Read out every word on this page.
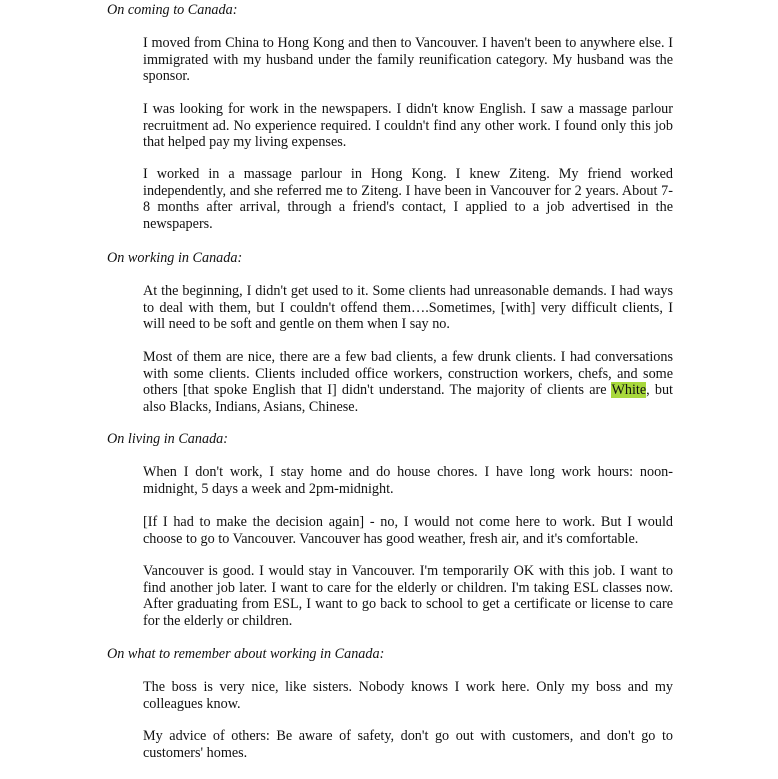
On coming to Canada:

I moved from China to Hong Kong and then to Vancouver. I haven't been to anywhere else. I immigrated with my husband under the family reunification category. My husband was the sponsor.

I was looking for work in the newspapers. I didn't know English. I saw a massage parlour recruitment ad. No experience required. I couldn't find any other work. I found only this job that helped pay my living expenses.

I worked in a massage parlour in Hong Kong. I knew Ziteng. My friend worked independently, and she referred me to Ziteng. I have been in Vancouver for 2 years. About 7-8 months after arrival, through a friend's contact, I applied to a job advertised in the newspapers.

On working in Canada:

At the beginning, I didn't get used to it. Some clients had unreasonable demands. I had ways to deal with them, but I couldn't offend them….Sometimes, [with] very difficult clients, I will need to be soft and gentle on them when I say no.

Most of them are nice, there are a few bad clients, a few drunk clients. I had conversations with some clients. Clients included office workers, construction workers, chefs, and some others [that spoke English that I] didn't understand. The majority of clients are White, but also Blacks, Indians, Asians, Chinese.

On living in Canada:

When I don't work, I stay home and do house chores. I have long work hours: noon-midnight, 5 days a week and 2pm-midnight.

[If I had to make the decision again] - no, I would not come here to work. But I would choose to go to Vancouver. Vancouver has good weather, fresh air, and it's comfortable.

Vancouver is good. I would stay in Vancouver. I'm temporarily OK with this job. I want to find another job later. I want to care for the elderly or children. I'm taking ESL classes now. After graduating from ESL, I want to go back to school to get a certificate or license to care for the elderly or children.

On what to remember about working in Canada:

The boss is very nice, like sisters. Nobody knows I work here. Only my boss and my colleagues know.

My advice of others: Be aware of safety, don't go out with customers, and don't go to customers' homes.
